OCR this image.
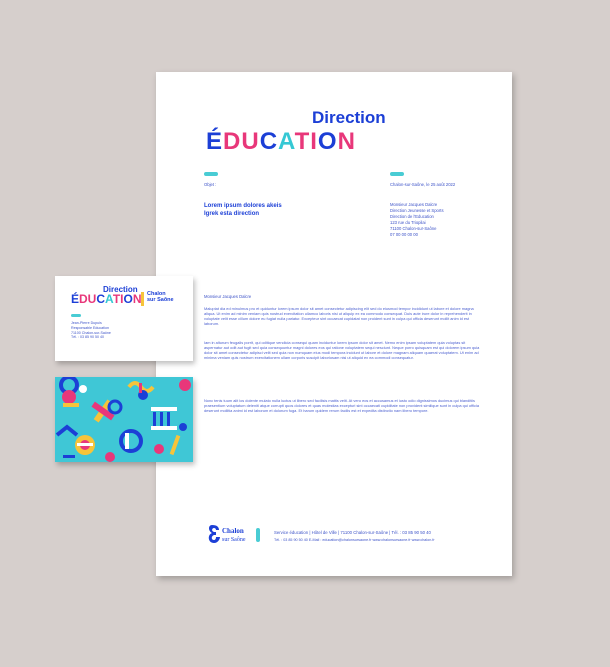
Direction
ÉDUCATION
Objet :	Chalon-sur-Saône, le 25 août 2022
Lorem ipsum dolores akeis
Igrek esta direction
Monsieur Jacques Dalcre
Direction Jeunesse et Sports
Direction de l'Education
123 rue du Triopilai
71100 Chalon-sur-Saône
07 00 00 00 00
Monsieur Jacques Dalcre
Maluptat dia ed minulmus pro et quiduntur lorem ipsum dolor sit amet consectetur adipiscing elit sed do eiusmod tempor incididunt ut labore et dolore magna aliqua. Ut enim ad minim veniam quis nostrud exercitation ullamco laboris nisi ut aliquip ex ea commodo consequat. Duis aute irure dolor in reprehenderit in voluptate velit esse cillum dolore eu fugiat nulla pariatur. Excepteur sint occaecat cupidatat non proident sunt in culpa qui officia deserunt mollit anim id est laborum.
Iam in alturum feugalis porrit, qui oditique vendicia consequi quam inciduntur lorem ipsum dolor sit amet. Nemo enim ipsam voluptatem quia voluptas sit aspernatur aut odit aut fugit sed quia consequuntur magni dolores eos qui ratione voluptatem sequi nesciunt. Neque porro quisquam est qui dolorem ipsum quia dolor sit amet consectetur adipisci velit sed quia non numquam eius modi tempora incidunt ut labore et dolore magnam aliquam quaerat voluptatem. Ut enim ad minima veniam quis nostrum exercitationem ullam corporis suscipit laboriosam nisi ut aliquid ex ea commodi consequatur.
Nonc tenis tuum alit los dolente mulato nulla luctus ut libero sed facilisis mattis velit. At vero eos et accusamus et iusto odio dignissimos ducimus qui blanditiis praesentium voluptatum deleniti atque corrupti quos dolores et quas molestias excepturi sint occaecati cupiditate non provident similique sunt in culpa qui officia deserunt mollitia animi id est laborum et dolorum fuga. Et harum quidem rerum facilis est et expedita distinctio nam libero tempore.
Chalon
sur Saône
Service éducation | Hôtel de Ville | 71100 Chalon-sur-Saône | Tél. : 03 85 90 50 40
Tél. : 03 85 90 50 40 E-Mail : education@chalonsursaone.fr www.chalonsursaone.fr www.chalon.fr
Direction
ÉDUCATION Chalon
sur Saône
Jean-Pierre Dupuis
Responsable Education
71100 Chalon-sur-Saône
Tél. : 03 85 90 50 40
